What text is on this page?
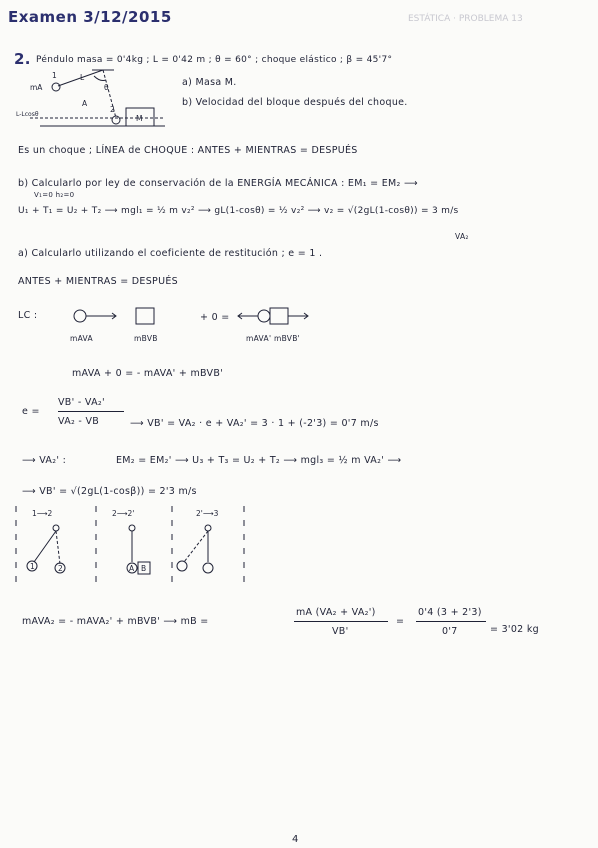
Examen 3/12/2015	ESTÁTICA · PROBLEMA 13
2. Péndulo masa = 0'4kg ; L = 0'42 m ; θ = 60° ; choque elástico ; β = 45'7°
mA
1
2
L
θ
L-Lcosθ
A
M
a) Masa M.
b) Velocidad del bloque después del choque.
Es un choque ; LÍNEA de CHOQUE : ANTES + MIENTRAS = DESPUÉS
b) Calcularlo por ley de conservación de la ENERGÍA MECÁNICA : EM₁ = EM₂ ⟶
V₁=0 h₂=0
U₁ + T₁ = U₂ + T₂ ⟶ mgl₁ = ½ m v₂² ⟶ gL(1-cosθ) = ½ v₂² ⟶ v₂ = √(2gL(1-cosθ)) = 3 m/s
VA₂
a) Calcularlo utilizando el coeficiente de restitución ; e = 1 .
ANTES + MIENTRAS = DESPUÉS
LC :	+ 0 =
mAVA	mBVB	mAVA' mBVB'
mAVA + 0 = - mAVA' + mBVB'
e =
VB' - VA₂'
VA₂ - VB	⟶ VB' = VA₂ · e + VA₂' = 3 · 1 + (-2'3) = 0'7 m/s
⟶ VA₂' :	EM₂ = EM₂' ⟶ U₃ + T₃ = U₂ + T₂ ⟶ mgl₃ = ½ m VA₂' ⟶
⟶ VB' = √(2gL(1-cosβ)) = 2'3 m/s
1⟶2	2⟶2'	2'⟶3
1	2	A B
mAVA₂ = - mAVA₂' + mBVB' ⟶ mB =
mA (VA₂ + VA₂')
VB'
=
0'4 (3 + 2'3)
0'7	= 3'02 kg
4
